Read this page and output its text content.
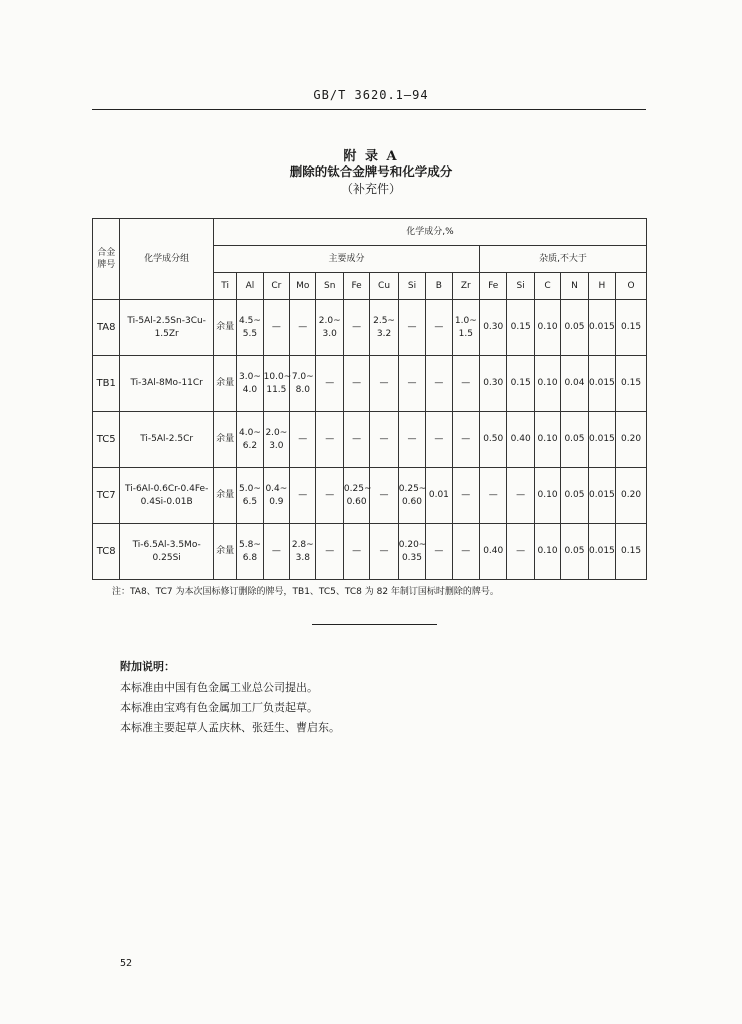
GB/T 3620.1—94
附 录 A
删除的钛合金牌号和化学成分
（补充件）
合金牌号	化学成分组	化学成分,%															
		主要成分										杂质,不大于					
		Ti	Al	Cr	Mo	Sn	Fe	Cu	Si	B	Zr	Fe	Si	C	N	H	O
TA8	Ti-5Al-2.5Sn-3Cu-1.5Zr	余量	4.5~
5.5	—	—	2.0~
3.0	—	2.5~
3.2	—	—	1.0~
1.5	0.30	0.15	0.10	0.05	0.015	0.15
TB1	Ti-3Al-8Mo-11Cr	余量	3.0~
4.0	10.0~
11.5	7.0~
8.0	—	—	—	—	—	—	0.30	0.15	0.10	0.04	0.015	0.15
TC5	Ti-5Al-2.5Cr	余量	4.0~
6.2	2.0~
3.0	—	—	—	—	—	—	—	0.50	0.40	0.10	0.05	0.015	0.20
TC7	Ti-6Al-0.6Cr-0.4Fe-0.4Si-0.01B	余量	5.0~
6.5	0.4~
0.9	—	—	0.25~
0.60	—	0.25~
0.60	0.01	—	—	—	0.10	0.05	0.015	0.20
TC8	Ti-6.5Al-3.5Mo-0.25Si	余量	5.8~
6.8	—	2.8~
3.8	—	—	—	0.20~
0.35	—	—	0.40	—	0.10	0.05	0.015	0.15
注：TA8、TC7 为本次国标修订删除的牌号，TB1、TC5、TC8 为 82 年制订国标时删除的牌号。
附加说明：
本标准由中国有色金属工业总公司提出。
本标准由宝鸡有色金属加工厂负责起草。
本标准主要起草人孟庆林、张廷生、曹启东。
52
